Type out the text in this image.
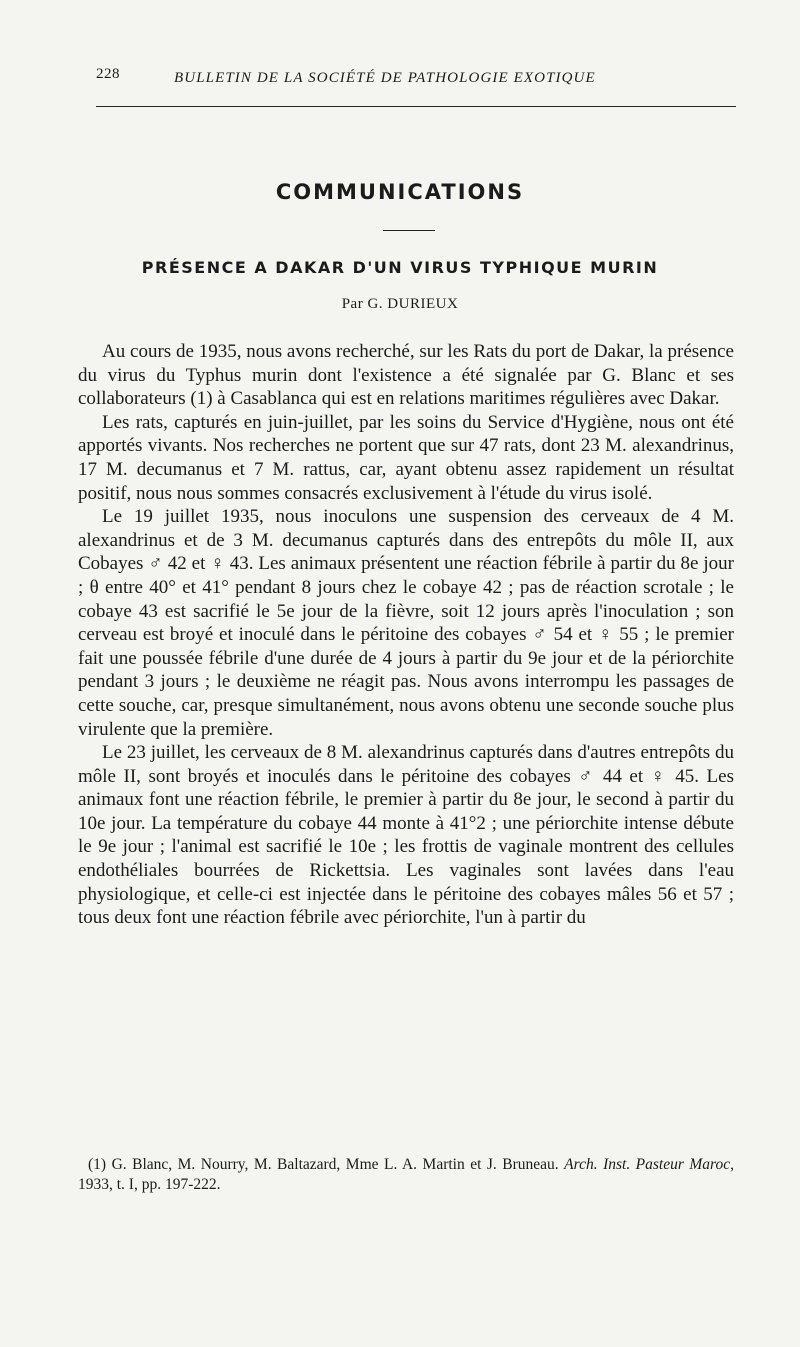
228	BULLETIN DE LA SOCIÉTÉ DE PATHOLOGIE EXOTIQUE
COMMUNICATIONS
PRÉSENCE A DAKAR D'UN VIRUS TYPHIQUE MURIN
Par G. DURIEUX

Au cours de 1935, nous avons recherché, sur les Rats du port de Dakar, la présence du virus du Typhus murin dont l'existence a été signalée par G. Blanc et ses collaborateurs (1) à Casablanca qui est en relations maritimes régulières avec Dakar.

Les rats, capturés en juin-juillet, par les soins du Service d'Hygiène, nous ont été apportés vivants. Nos recherches ne portent que sur 47 rats, dont 23 M. alexandrinus, 17 M. decumanus et 7 M. rattus, car, ayant obtenu assez rapidement un résultat positif, nous nous sommes consacrés exclusivement à l'étude du virus isolé.

Le 19 juillet 1935, nous inoculons une suspension des cerveaux de 4 M. alexandrinus et de 3 M. decumanus capturés dans des entrepôts du môle II, aux Cobayes ♂ 42 et ♀ 43. Les animaux présentent une réaction fébrile à partir du 8e jour ; θ entre 40° et 41° pendant 8 jours chez le cobaye 42 ; pas de réaction scrotale ; le cobaye 43 est sacrifié le 5e jour de la fièvre, soit 12 jours après l'inoculation ; son cerveau est broyé et inoculé dans le péritoine des cobayes ♂ 54 et ♀ 55 ; le premier fait une poussée fébrile d'une durée de 4 jours à partir du 9e jour et de la périorchite pendant 3 jours ; le deuxième ne réagit pas. Nous avons interrompu les passages de cette souche, car, presque simultanément, nous avons obtenu une seconde souche plus virulente que la première.

Le 23 juillet, les cerveaux de 8 M. alexandrinus capturés dans d'autres entrepôts du môle II, sont broyés et inoculés dans le péritoine des cobayes ♂ 44 et ♀ 45. Les animaux font une réaction fébrile, le premier à partir du 8e jour, le second à partir du 10e jour. La température du cobaye 44 monte à 41°2 ; une périorchite intense débute le 9e jour ; l'animal est sacrifié le 10e ; les frottis de vaginale montrent des cellules endothéliales bourrées de Rickettsia. Les vaginales sont lavées dans l'eau physiologique, et celle-ci est injectée dans le péritoine des cobayes mâles 56 et 57 ; tous deux font une réaction fébrile avec périorchite, l'un à partir du

(1) G. Blanc, M. Nourry, M. Baltazard, Mme L. A. Martin et J. Bruneau. Arch. Inst. Pasteur Maroc, 1933, t. I, pp. 197-222.
